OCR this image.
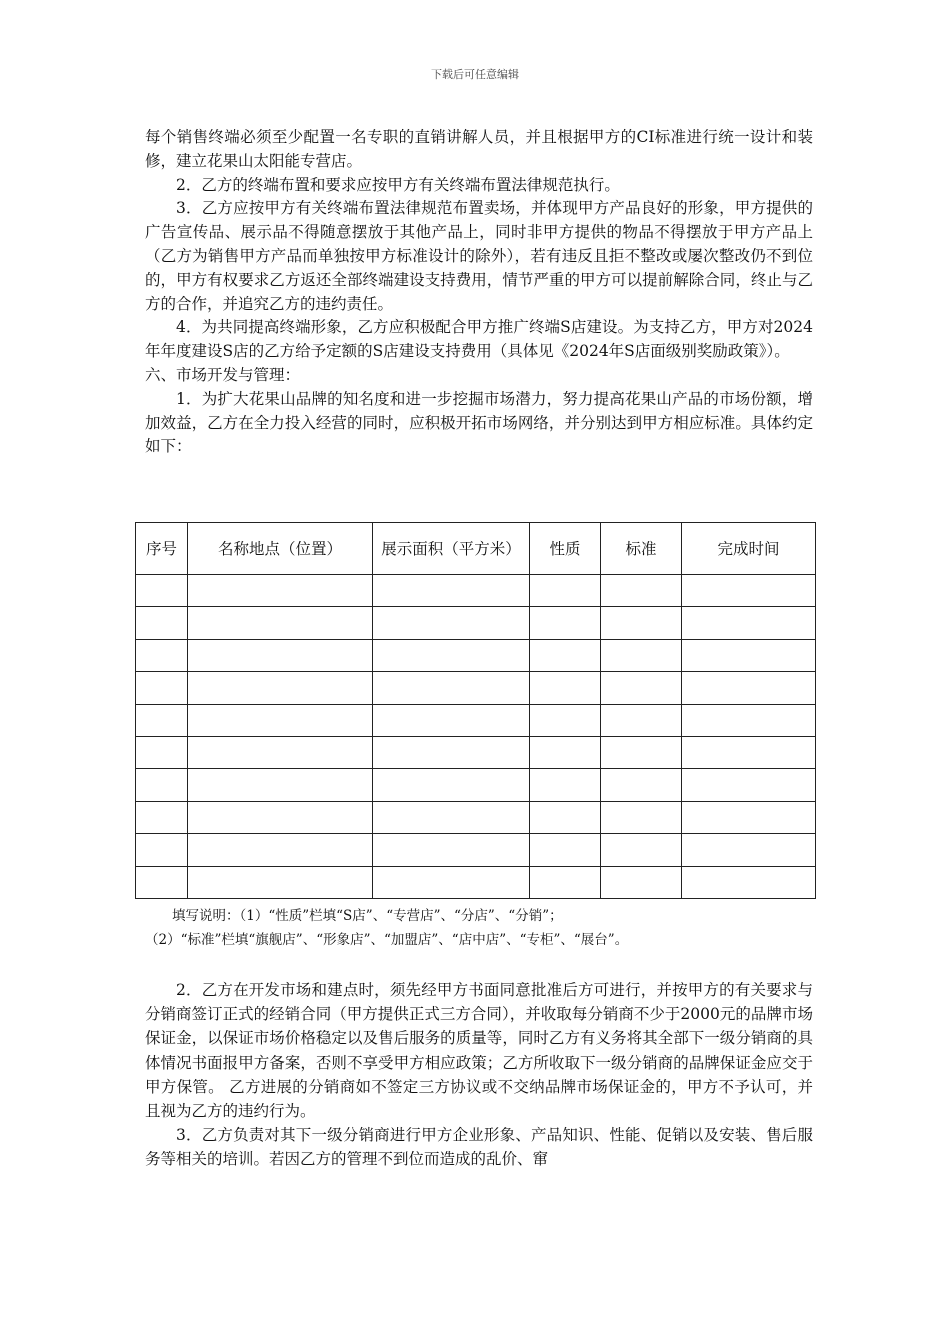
下载后可任意编辑

每个销售终端必须至少配置一名专职的直销讲解人员，并且根据甲方的CI标准进行统一设计和装修，建立花果山太阳能专营店。

2．乙方的终端布置和要求应按甲方有关终端布置法律规范执行。

3．乙方应按甲方有关终端布置法律规范布置卖场，并体现甲方产品良好的形象，甲方提供的广告宣传品、展示品不得随意摆放于其他产品上，同时非甲方提供的物品不得摆放于甲方产品上（乙方为销售甲方产品而单独按甲方标准设计的除外），若有违反且拒不整改或屡次整改仍不到位的，甲方有权要求乙方返还全部终端建设支持费用，情节严重的甲方可以提前解除合同，终止与乙方的合作，并追究乙方的违约责任。

4．为共同提高终端形象，乙方应积极配合甲方推广终端S店建设。为支持乙方，甲方对2024年年度建设S店的乙方给予定额的S店建设支持费用（具体见《2024年S店面级别奖励政策》）。

六、市场开发与管理：

1．为扩大花果山品牌的知名度和进一步挖掘市场潜力，努力提高花果山产品的市场份额，增加效益，乙方在全力投入经营的同时，应积极开拓市场网络，并分别达到甲方相应标准。具体约定如下：

序号	名称地点（位置）	展示面积（平方米）	性质	标准	完成时间

填写说明：（1）“性质”栏填“S店”、“专营店”、“分店”、“分销”；

（2）“标准”栏填“旗舰店”、“形象店”、“加盟店”、“店中店”、“专柜”、“展台”。

2．乙方在开发市场和建点时，须先经甲方书面同意批准后方可进行，并按甲方的有关要求与分销商签订正式的经销合同（甲方提供正式三方合同），并收取每分销商不少于2000元的品牌市场保证金，以保证市场价格稳定以及售后服务的质量等，同时乙方有义务将其全部下一级分销商的具体情况书面报甲方备案，否则不享受甲方相应政策；乙方所收取下一级分销商的品牌保证金应交于甲方保管。 乙方进展的分销商如不签定三方协议或不交纳品牌市场保证金的，甲方不予认可，并且视为乙方的违约行为。

3．乙方负责对其下一级分销商进行甲方企业形象、产品知识、性能、促销以及安装、售后服务等相关的培训。若因乙方的管理不到位而造成的乱价、窜
